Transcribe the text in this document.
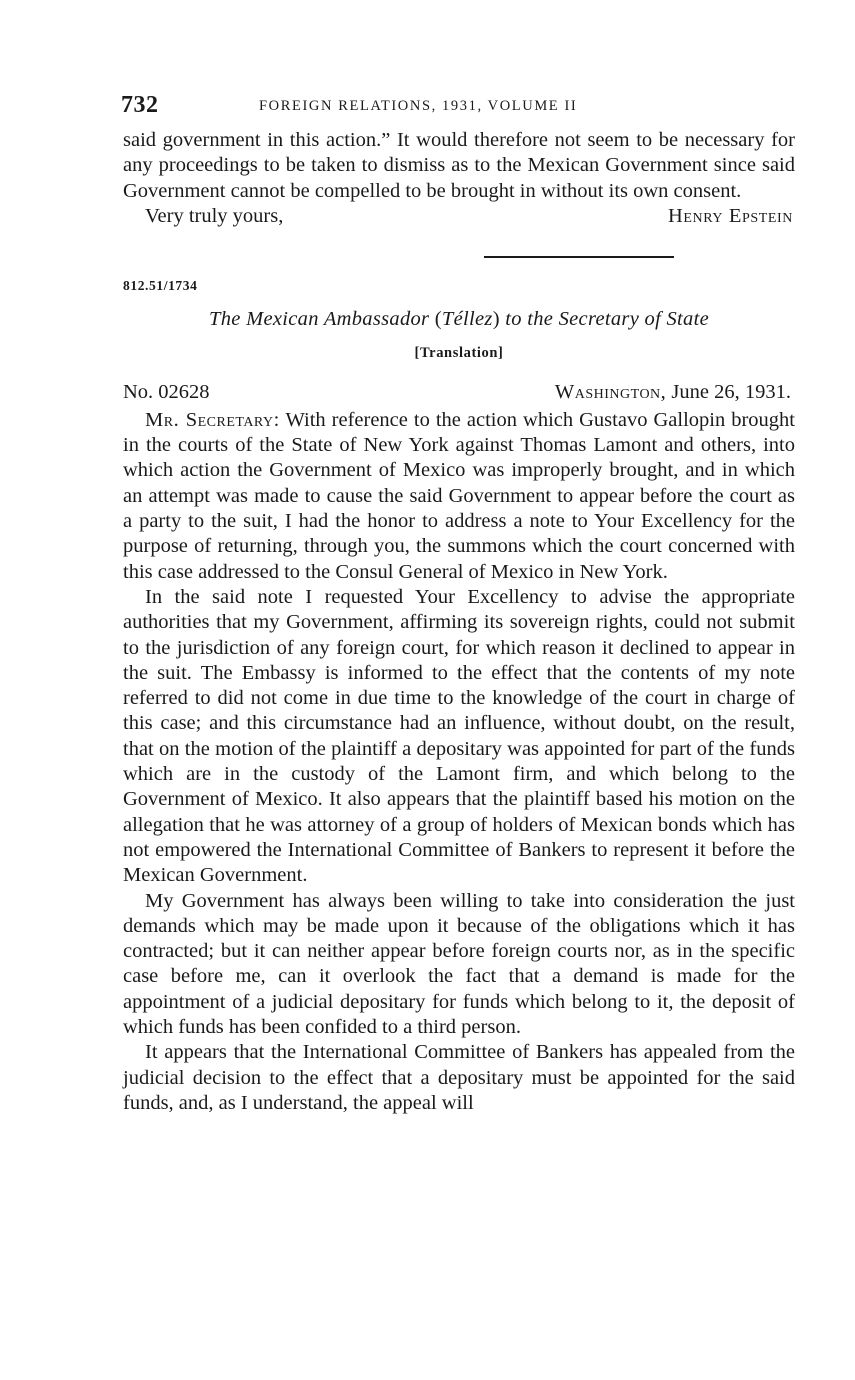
732	FOREIGN RELATIONS, 1931, VOLUME II

said government in this action.” It would therefore not seem to be necessary for any proceedings to be taken to dismiss as to the Mexican Government since said Government cannot be compelled to be brought in without its own consent.

Very truly yours,	Henry Epstein
812.51/1734
The Mexican Ambassador (Téllez) to the Secretary of State
[Translation]
No. 02628	Washington, June 26, 1931.

Mr. Secretary: With reference to the action which Gustavo Gallopin brought in the courts of the State of New York against Thomas Lamont and others, into which action the Government of Mexico was improperly brought, and in which an attempt was made to cause the said Government to appear before the court as a party to the suit, I had the honor to address a note to Your Excellency for the purpose of returning, through you, the summons which the court concerned with this case addressed to the Consul General of Mexico in New York.

In the said note I requested Your Excellency to advise the appropriate authorities that my Government, affirming its sovereign rights, could not submit to the jurisdiction of any foreign court, for which reason it declined to appear in the suit. The Embassy is informed to the effect that the contents of my note referred to did not come in due time to the knowledge of the court in charge of this case; and this circumstance had an influence, without doubt, on the result, that on the motion of the plaintiff a depositary was appointed for part of the funds which are in the custody of the Lamont firm, and which belong to the Government of Mexico. It also appears that the plaintiff based his motion on the allegation that he was attorney of a group of holders of Mexican bonds which has not empowered the International Committee of Bankers to represent it before the Mexican Government.

My Government has always been willing to take into consideration the just demands which may be made upon it because of the obligations which it has contracted; but it can neither appear before foreign courts nor, as in the specific case before me, can it overlook the fact that a demand is made for the appointment of a judicial depositary for funds which belong to it, the deposit of which funds has been confided to a third person.

It appears that the International Committee of Bankers has appealed from the judicial decision to the effect that a depositary must be appointed for the said funds, and, as I understand, the appeal will
